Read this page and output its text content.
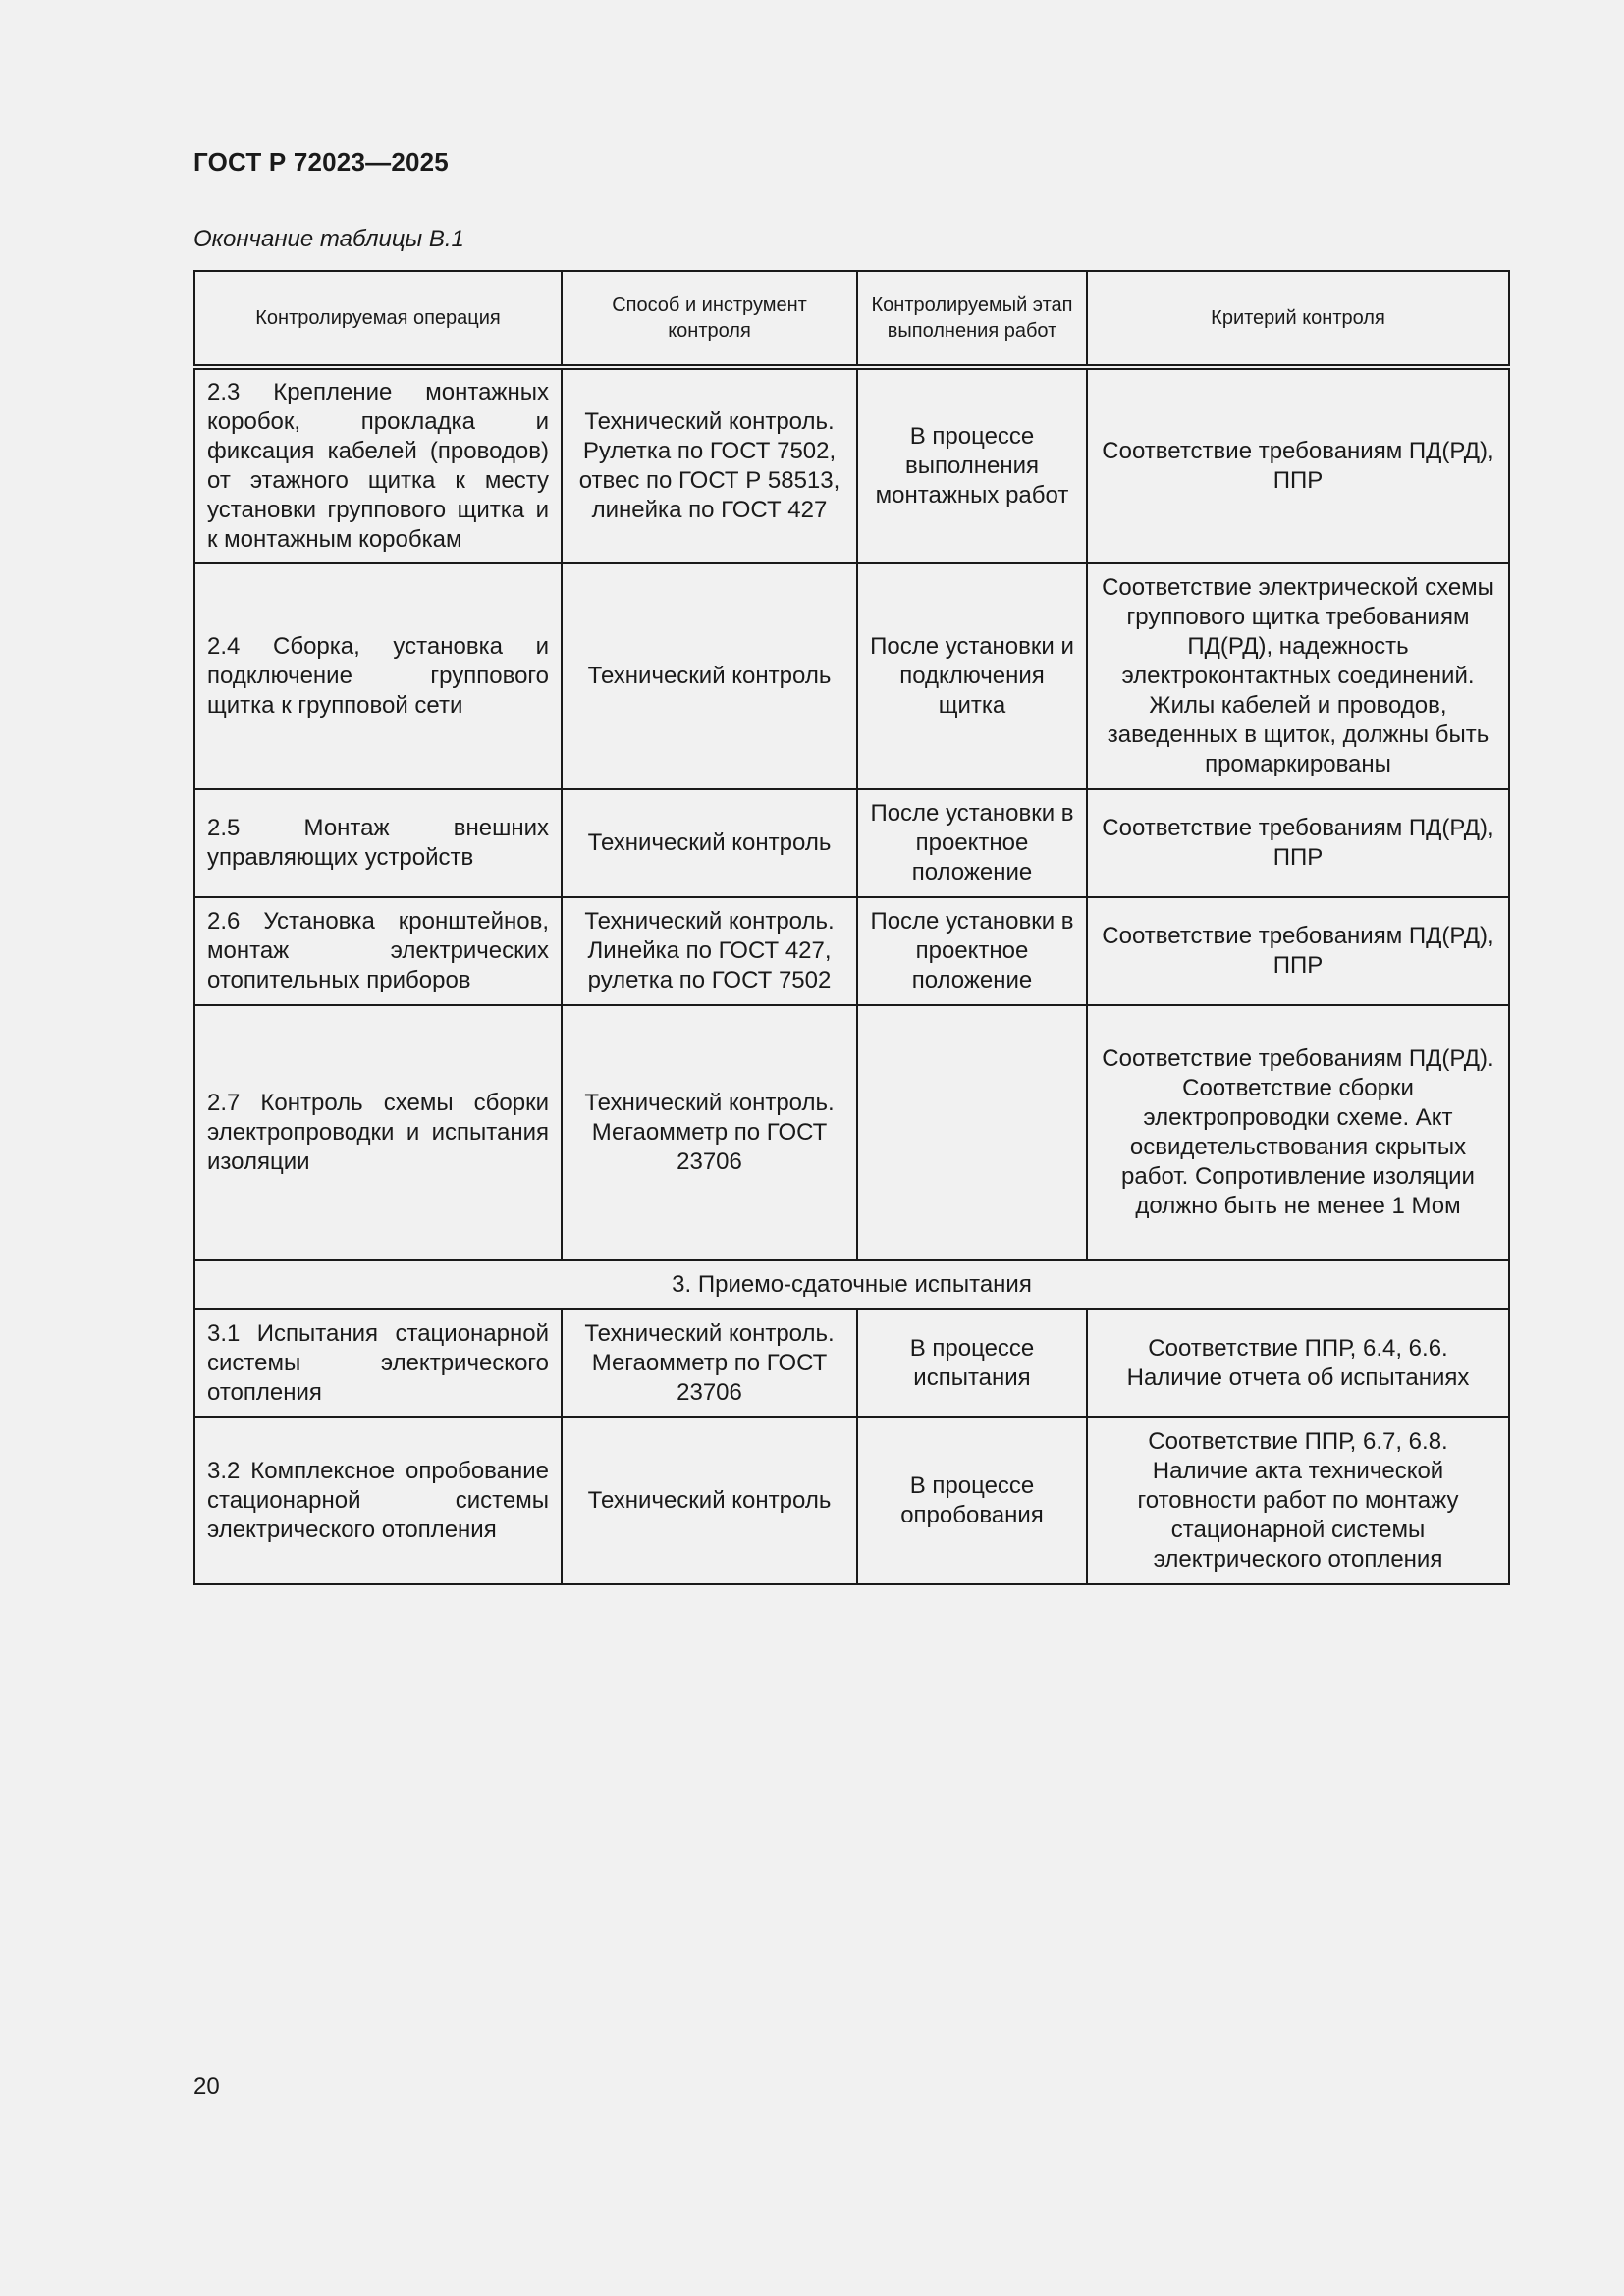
ГОСТ Р 72023—2025
Окончание таблицы В.1
Контролируемая операция	Способ и инструмент контроля	Контролируемый этап выполнения работ	Критерий контроля
2.3 Крепление монтажных коробок, прокладка и фиксация кабелей (проводов) от этажного щитка к месту установки группового щитка и к монтажным коробкам	Технический контроль. Рулетка по ГОСТ 7502, отвес по ГОСТ Р 58513, линейка по ГОСТ 427	В процессе выполнения монтажных работ	Соответствие требованиям ПД(РД), ППР
2.4 Сборка, установка и подключение группового щитка к групповой сети	Технический контроль	После установки и подключения щитка	Соответствие электрической схемы группового щитка требованиям ПД(РД), надежность электроконтактных соединений. Жилы кабелей и проводов, заведенных в щиток, должны быть промаркированы
2.5 Монтаж внешних управляющих устройств	Технический контроль	После установки в проектное положение	Соответствие требованиям ПД(РД), ППР
2.6 Установка кронштейнов, монтаж электрических отопительных приборов	Технический контроль. Линейка по ГОСТ 427, рулетка по ГОСТ 7502	После установки в проектное положение	Соответствие требованиям ПД(РД), ППР
2.7 Контроль схемы сборки электропроводки и испытания изоляции	Технический контроль. Мегаомметр по ГОСТ 23706		Соответствие требованиям ПД(РД). Соответствие сборки электропроводки схеме. Акт освидетельствования скрытых работ. Сопротивление изоляции должно быть не менее 1 Мом
3. Приемо-сдаточные испытания			
3.1 Испытания стационарной системы электрического отопления	Технический контроль. Мегаомметр по ГОСТ 23706	В процессе испытания	Соответствие ППР, 6.4, 6.6. Наличие отчета об испытаниях
3.2 Комплексное опробование стационарной системы электрического отопления	Технический контроль	В процессе опробования	Соответствие ППР, 6.7, 6.8. Наличие акта технической готовности работ по монтажу стационарной системы электрического отопления
20
